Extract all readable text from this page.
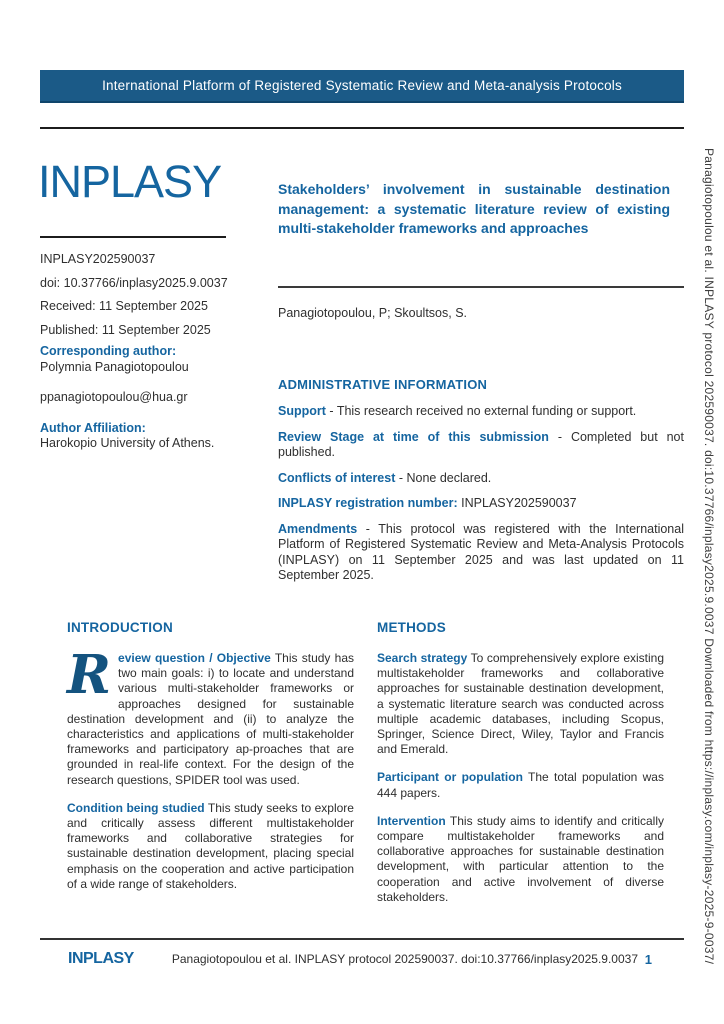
International Platform of Registered Systematic Review and Meta-analysis Protocols
INPLASY

INPLASY202590037

doi: 10.37766/inplasy2025.9.0037

Received: 11 September 2025

Published: 11 September 2025

Stakeholders’ involvement in sustainable destination management: a systematic literature review of existing multi-stakeholder frameworks and approaches

Panagiotopoulou, P; Skoultsos, S.

Corresponding author:

Polymnia Panagiotopoulou

ppanagiotopoulou@hua.gr

Author Affiliation:

Harokopio University of Athens.

ADMINISTRATIVE INFORMATION

Support - This research received no external funding or support.

Review Stage at time of this submission - Completed but not published.

Conflicts of interest - None declared.

INPLASY registration number: INPLASY202590037

Amendments - This protocol was registered with the International Platform of Registered Systematic Review and Meta-Analysis Protocols (INPLASY) on 11 September 2025 and was last updated on 11 September 2025.

INTRODUCTION

R eview question / Objective This study has two main goals: i) to locate and understand various multi-stakeholder frameworks or approaches designed for sustainable destination development and (ii) to analyze the characteristics and applications of multi-stakeholder frameworks and participatory ap-proaches that are grounded in real-life context. For the design of the research questions, SPIDER tool was used.

Condition being studied This study seeks to explore and critically assess different multistakeholder frameworks and collaborative strategies for sustainable destination development, placing special emphasis on the cooperation and active participation of a wide range of stakeholders.

METHODS

Search strategy To comprehensively explore existing multistakeholder frameworks and collaborative approaches for sustainable destination development, a systematic literature search was conducted across multiple academic databases, including Scopus, Springer, Science Direct, Wiley, Taylor and Francis and Emerald.

Participant or population The total population was 444 papers.

Intervention This study aims to identify and critically compare multistakeholder frameworks and collaborative approaches for sustainable destination development, with particular attention to the cooperation and active involvement of diverse stakeholders.

INPLASY	Panagiotopoulou et al. INPLASY protocol 202590037. doi:10.37766/inplasy2025.9.0037 1	Panagiotopoulou et al. INPLASY protocol 202590037. doi:10.37766/inplasy2025.9.0037 Downloaded from https://inplasy.com/inplasy-2025-9-0037/
